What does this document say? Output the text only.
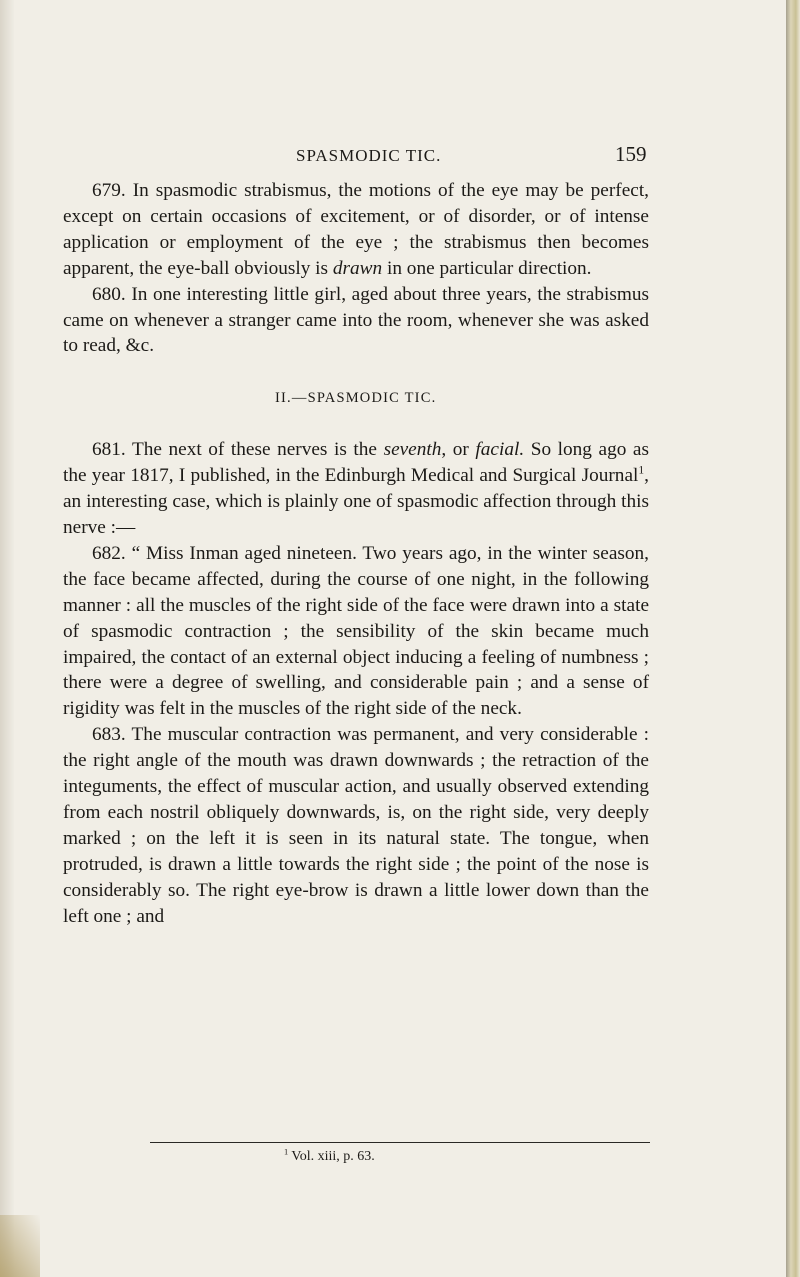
SPASMODIC TIC.	159

679. In spasmodic strabismus, the motions of the eye may be perfect, except on certain occasions of excitement, or of disorder, or of intense application or employment of the eye ; the strabismus then becomes apparent, the eye-ball obviously is drawn in one particular direction.

680. In one interesting little girl, aged about three years, the strabismus came on whenever a stranger came into the room, whenever she was asked to read, &c.

II.—SPASMODIC TIC.

681. The next of these nerves is the seventh, or facial. So long ago as the year 1817, I published, in the Edinburgh Medical and Surgical Journal$^1$, an interesting case, which is plainly one of spasmodic affection through this nerve :—

682. “ Miss Inman aged nineteen. Two years ago, in the winter season, the face became affected, during the course of one night, in the following manner : all the muscles of the right side of the face were drawn into a state of spasmodic contraction ; the sensibility of the skin became much impaired, the contact of an external object inducing a feeling of numbness ; there were a degree of swelling, and considerable pain ; and a sense of rigidity was felt in the muscles of the right side of the neck.

683. The muscular contraction was permanent, and very considerable : the right angle of the mouth was drawn downwards ; the retraction of the integuments, the effect of muscular action, and usually observed extending from each nostril obliquely downwards, is, on the right side, very deeply marked ; on the left it is seen in its natural state. The tongue, when protruded, is drawn a little towards the right side ; the point of the nose is considerably so. The right eye-brow is drawn a little lower down than the left one ; and

$^1$ Vol. xiii, p. 63.
